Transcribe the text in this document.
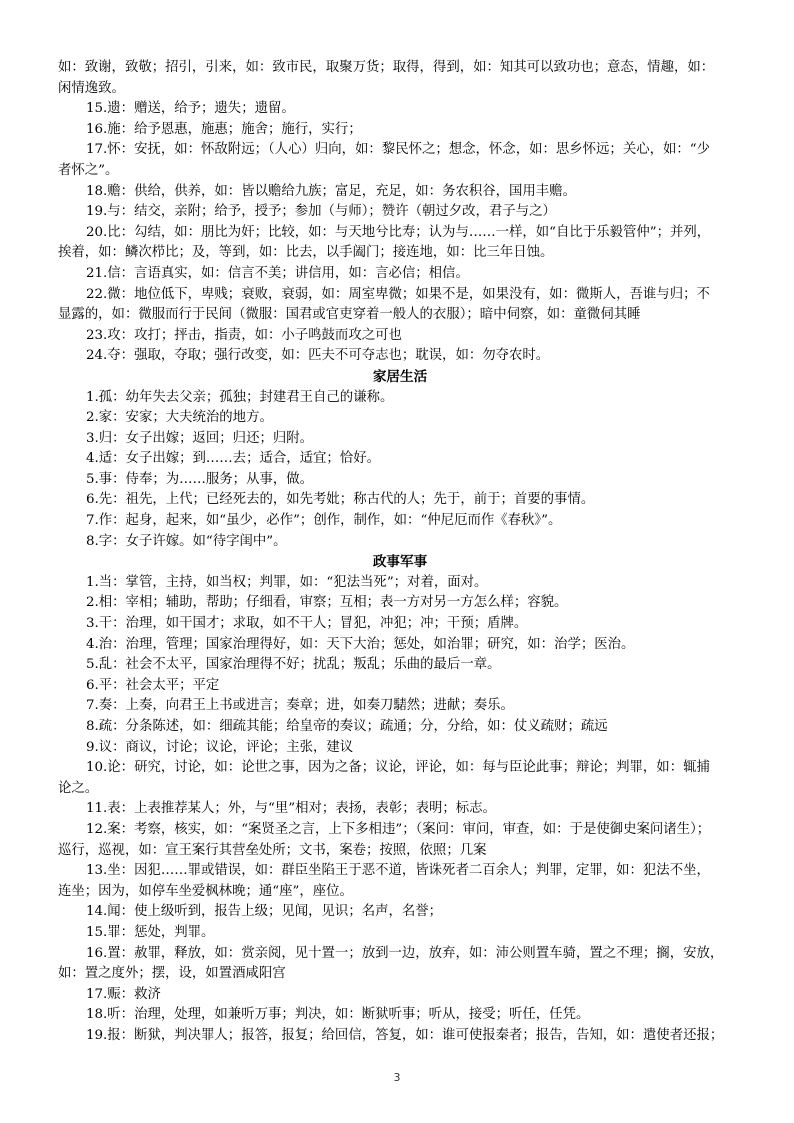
如：致谢，致敬；招引，引来，如：致市民，取聚万货；取得，得到，如：知其可以致功也；意态，情趣，如：
闲情逸致。
15.遗：赠送，给予；遗失；遗留。
16.施：给予恩惠，施惠；施舍；施行，实行；
17.怀：安抚，如：怀敌附远；（人心）归向，如：黎民怀之；想念，怀念，如：思乡怀远；关心，如：“少
者怀之”。
18.赡：供给，供养，如：皆以赡给九族；富足，充足，如：务农积谷，国用丰赡。
19.与：结交，亲附；给予，授予；参加（与师）；赞许（朝过夕改，君子与之）
20.比：勾结，如：朋比为奸；比较，如：与天地兮比寿；认为与……一样，如“自比于乐毅管仲”；并列，
挨着，如：鳞次栉比；及，等到，如：比去，以手阖门；接连地，如：比三年日蚀。
21.信：言语真实，如：信言不美；讲信用，如：言必信；相信。
22.微：地位低下，卑贱；衰败，衰弱，如：周室卑微；如果不是，如果没有，如：微斯人，吾谁与归；不
显露的，如：微服而行于民间（微服：国君或官吏穿着一般人的衣服）；暗中伺察，如：童微伺其睡
23.攻：攻打；抨击，指责，如：小子鸣鼓而攻之可也
24.夺：强取，夺取；强行改变，如：匹夫不可夺志也；耽误，如：勿夺农时。
家居生活
1.孤：幼年失去父亲；孤独；封建君王自己的谦称。
2.家：安家；大夫统治的地方。
3.归：女子出嫁；返回；归还；归附。
4.适：女子出嫁；到……去；适合，适宜；恰好。
5.事：侍奉；为……服务；从事，做。
6.先：祖先，上代；已经死去的，如先考妣；称古代的人；先于，前于；首要的事情。
7.作：起身，起来，如“虽少，必作”；创作，制作，如：“仲尼厄而作《春秋》”。
8.字：女子许嫁。如“待字闺中”。
政事军事
1.当：掌管，主持，如当权；判罪，如：“犯法当死”；对着，面对。
2.相：宰相；辅助，帮助；仔细看，审察；互相；表一方对另一方怎么样；容貌。
3.干：治理，如干国才；求取，如不干人；冒犯，冲犯；冲；干预；盾牌。
4.治：治理，管理；国家治理得好，如：天下大治；惩处，如治罪；研究，如：治学；医治。
5.乱：社会不太平，国家治理得不好；扰乱；叛乱；乐曲的最后一章。
6.平：社会太平；平定
7.奏：上奏，向君王上书或进言；奏章；进，如奏刀騞然；进献；奏乐。
8.疏：分条陈述，如：细疏其能；给皇帝的奏议；疏通；分，分给，如：仗义疏财；疏远
9.议：商议，讨论；议论，评论；主张，建议
10.论：研究，讨论，如：论世之事，因为之备；议论，评论，如：每与臣论此事；辩论；判罪，如：辄捕
论之。
11.表：上表推荐某人；外，与“里”相对；表扬，表彰；表明；标志。
12.案：考察，核实，如：“案贤圣之言，上下多相违”；（案问：审问，审查，如：于是使御史案问诸生）；
巡行，巡视，如：宣王案行其营垒处所；文书，案卷；按照，依照；几案
13.坐：因犯……罪或错误，如：群臣坐陷王于恶不道，皆诛死者二百余人；判罪，定罪，如：犯法不坐，
连坐；因为，如停车坐爱枫林晚；通“座”，座位。
14.闻：使上级听到，报告上级；见闻，见识；名声，名誉；
15.罪：惩处，判罪。
16.置：赦罪，释放，如：赏亲阅，见十置一；放到一边，放弃，如：沛公则置车骑，置之不理；搁，安放，
如：置之度外；摆，设，如置酒咸阳宫
17.赈：救济
18.听：治理，处理，如兼听万事；判决，如：断狱听事；听从，接受；听任，任凭。
19.报：断狱，判决罪人；报答，报复；给回信，答复，如：谁可使报秦者；报告，告知，如：遣使者还报；
3
